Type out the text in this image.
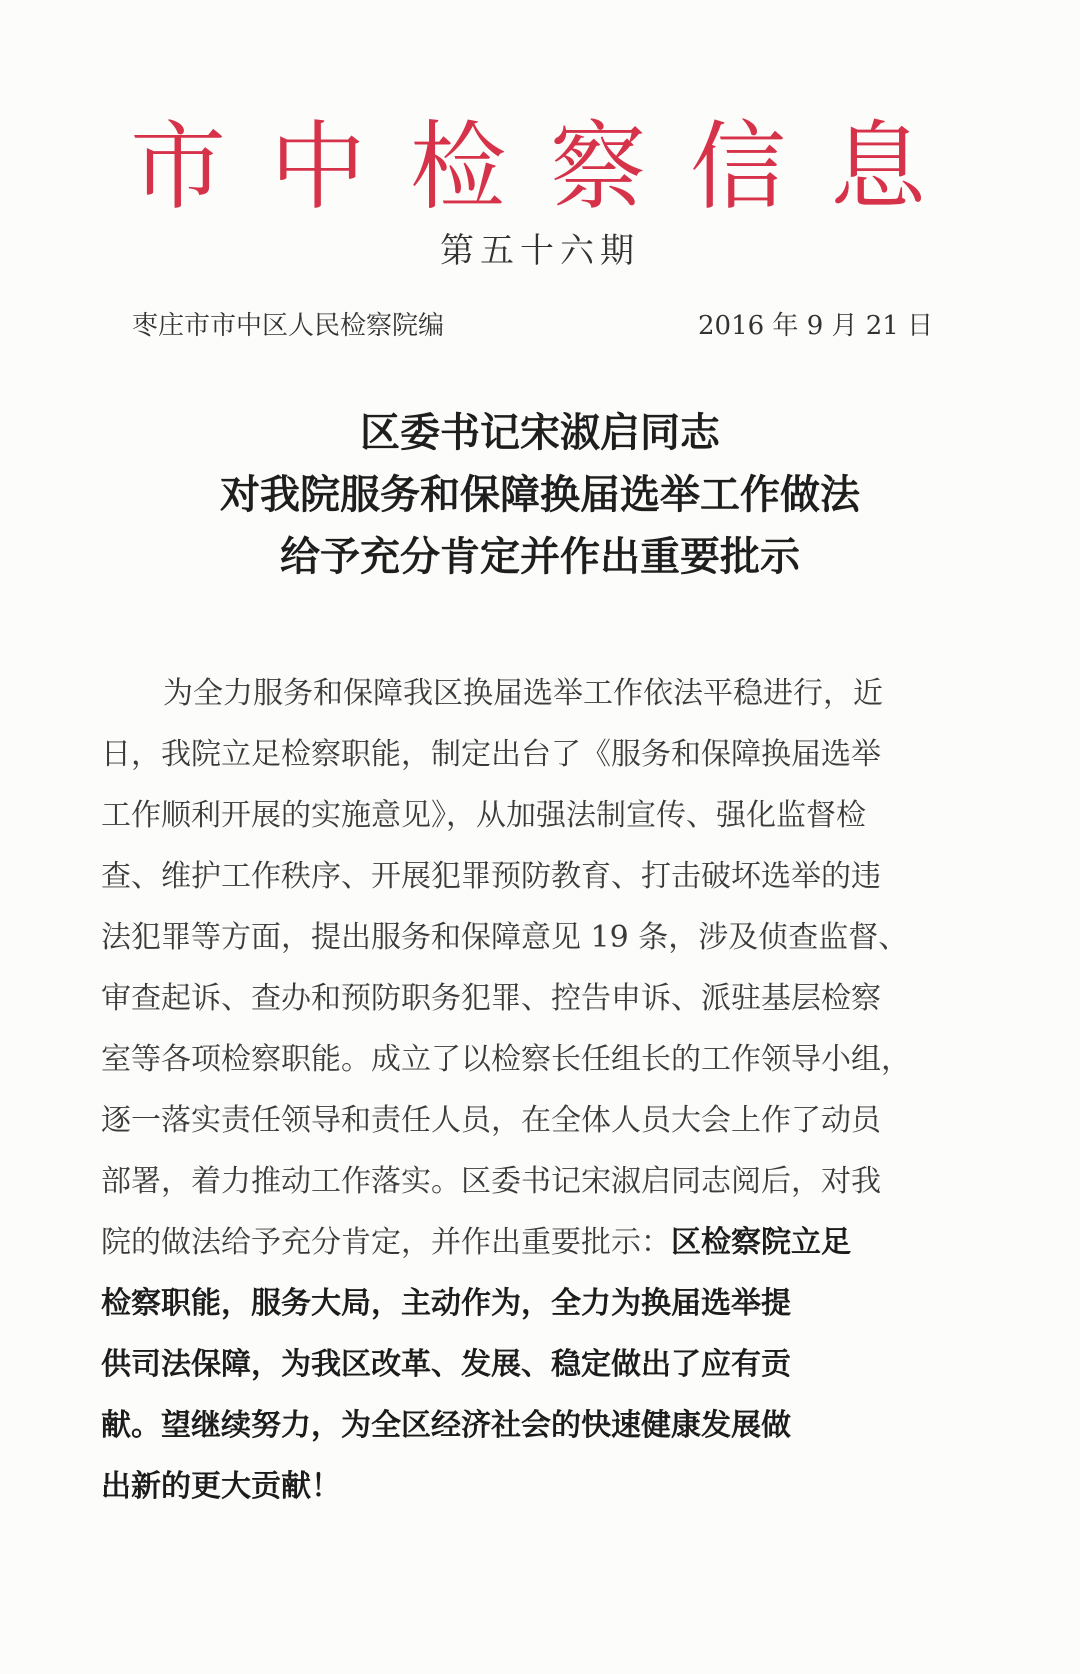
市中检察信息
第五十六期
枣庄市市中区人民检察院编	2016 年 9 月 21 日
区委书记宋淑启同志
对我院服务和保障换届选举工作做法
给予充分肯定并作出重要批示
为全力服务和保障我区换届选举工作依法平稳进行，近
日，我院立足检察职能，制定出台了《服务和保障换届选举
工作顺利开展的实施意见》，从加强法制宣传、强化监督检
查、维护工作秩序、开展犯罪预防教育、打击破坏选举的违
法犯罪等方面，提出服务和保障意见 19 条，涉及侦查监督、
审查起诉、查办和预防职务犯罪、控告申诉、派驻基层检察
室等各项检察职能。成立了以检察长任组长的工作领导小组，
逐一落实责任领导和责任人员，在全体人员大会上作了动员
部署，着力推动工作落实。区委书记宋淑启同志阅后，对我
院的做法给予充分肯定，并作出重要批示：区检察院立足
检察职能，服务大局，主动作为，全力为换届选举提
供司法保障，为我区改革、发展、稳定做出了应有贡
献。望继续努力，为全区经济社会的快速健康发展做
出新的更大贡献！
